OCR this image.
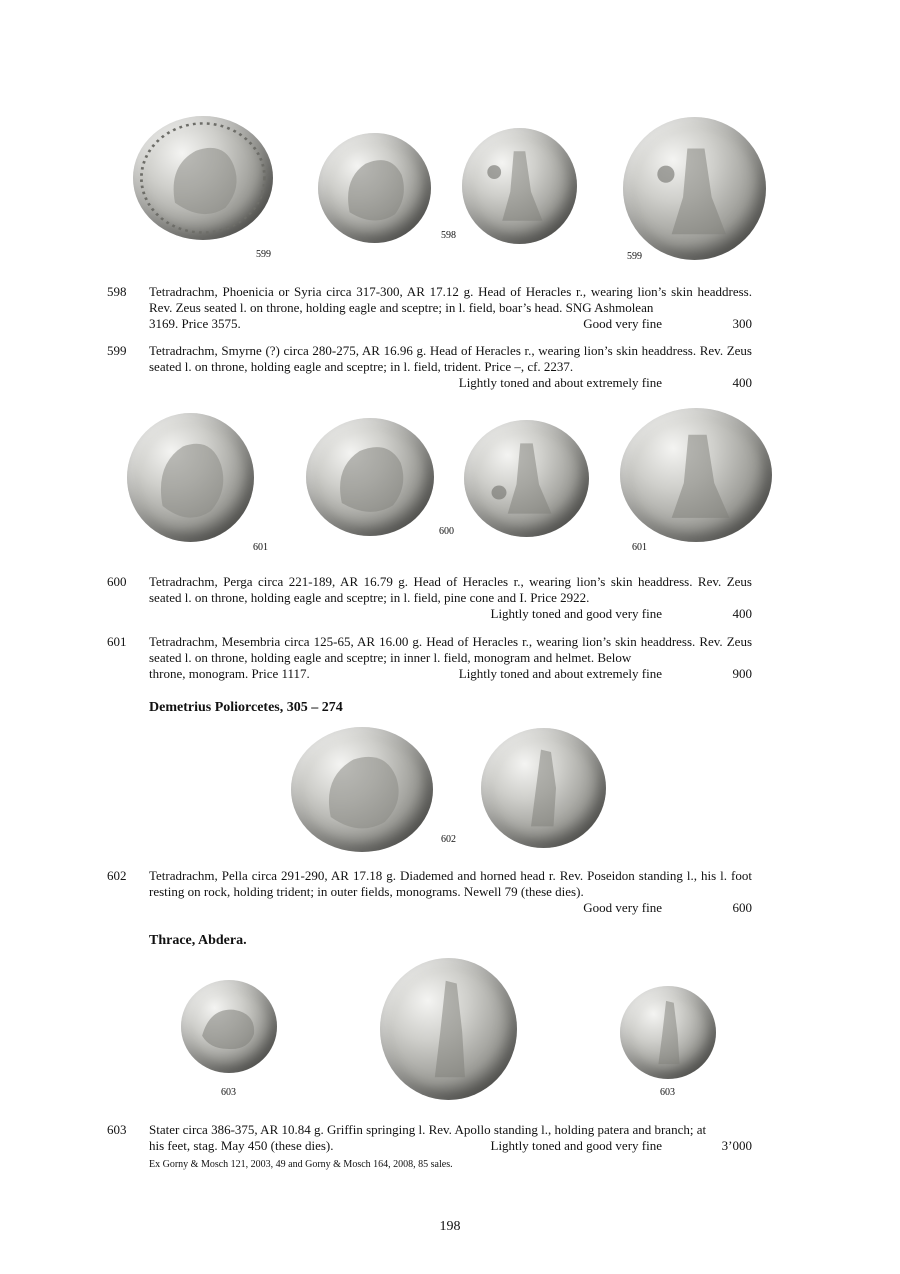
599
598
599
598 Tetradrachm, Phoenicia or Syria circa 317-300, AR 17.12 g. Head of Heracles r., wearing lion’s skin headdress. Rev. Zeus seated l. on throne, holding eagle and sceptre; in l. field, boar’s head. SNG Ashmolean
3169. Price 3575.	Good very fine	300
599 Tetradrachm, Smyrne (?) circa 280-275, AR 16.96 g. Head of Heracles r., wearing lion’s skin headdress. Rev. Zeus seated l. on throne, holding eagle and sceptre; in l. field, trident. Price –, cf. 2237.
Lightly toned and about extremely fine	400
601
600
601
600 Tetradrachm, Perga circa 221-189, AR 16.79 g. Head of Heracles r., wearing lion’s skin headdress. Rev. Zeus seated l. on throne, holding eagle and sceptre; in l. field, pine cone and I. Price 2922.
Lightly toned and good very fine	400
601 Tetradrachm, Mesembria circa 125-65, AR 16.00 g. Head of Heracles r., wearing lion’s skin headdress. Rev. Zeus seated l. on throne, holding eagle and sceptre; in inner l. field, monogram and helmet. Below
throne, monogram. Price 1117.	Lightly toned and about extremely fine	900
Demetrius Poliorcetes, 305 – 274
602
602 Tetradrachm, Pella circa 291-290, AR 17.18 g. Diademed and horned head r. Rev. Poseidon standing l., his l. foot resting on rock, holding trident; in outer fields, monograms. Newell 79 (these dies).
Good very fine	600
Thrace, Abdera.
603	603
603 Stater circa 386-375, AR 10.84 g. Griffin springing l. Rev. Apollo standing l., holding patera and branch; at
his feet, stag. May 450 (these dies).	Lightly toned and good very fine	3’000
Ex Gorny & Mosch 121, 2003, 49 and Gorny & Mosch 164, 2008, 85 sales.
198
